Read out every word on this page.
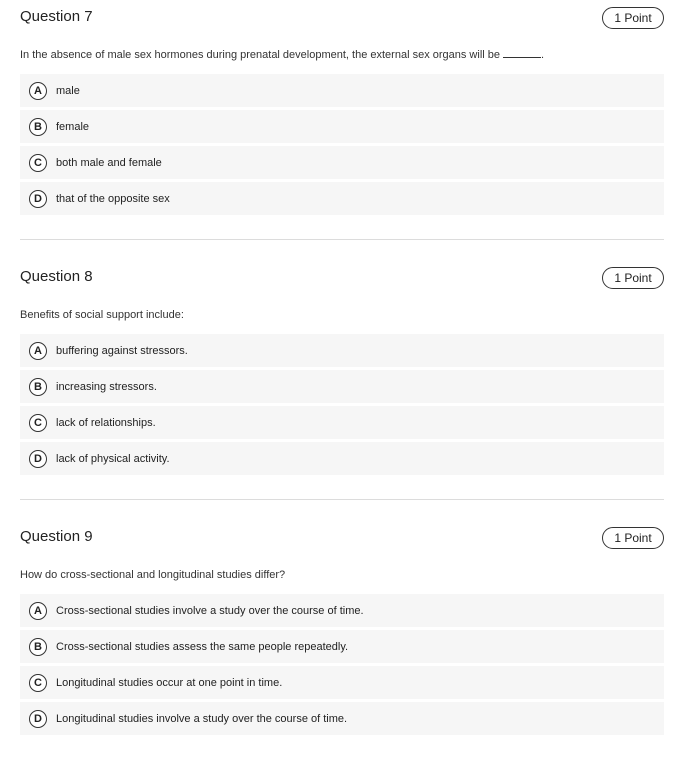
Question 7	1 Point
In the absence of male sex hormones during prenatal development, the external sex organs will be	.
A	male
B	female
C	both male and female
D	that of the opposite sex
Question 8	1 Point
Benefits of social support include:
A	buffering against stressors.
B	increasing stressors.
C	lack of relationships.
D	lack of physical activity.
Question 9	1 Point
How do cross-sectional and longitudinal studies differ?
A	Cross-sectional studies involve a study over the course of time.
B	Cross-sectional studies assess the same people repeatedly.
C	Longitudinal studies occur at one point in time.
D	Longitudinal studies involve a study over the course of time.
